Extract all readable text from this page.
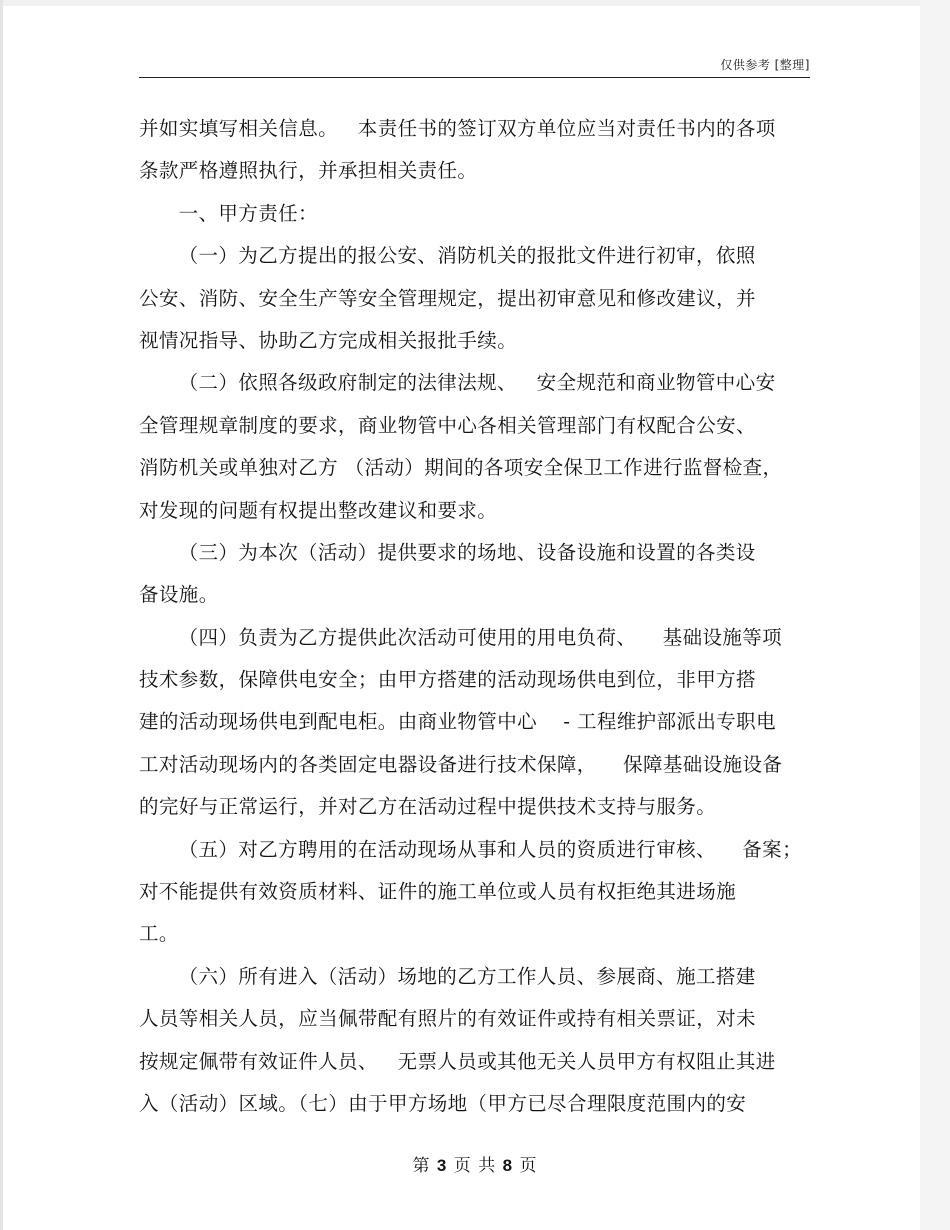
仅供参考 [整理]
并如实填写相关信息。   本责任书的签订双方单位应当对责任书内的各项
条款严格遵照执行，并承担相关责任。
一、甲方责任：
（一）为乙方提出的报公安、消防机关的报批文件进行初审，依照
公安、消防、安全生产等安全管理规定，提出初审意见和修改建议，并
视情况指导、协助乙方完成相关报批手续。
（二）依照各级政府制定的法律法规、   安全规范和商业物管中心安
全管理规章制度的要求，商业物管中心各相关管理部门有权配合公安、
消防机关或单独对乙方 （活动）期间的各项安全保卫工作进行监督检查，
对发现的问题有权提出整改建议和要求。
（三）为本次（活动）提供要求的场地、设备设施和设置的各类设
备设施。
（四）负责为乙方提供此次活动可使用的用电负荷、    基础设施等项
技术参数，保障供电安全；由甲方搭建的活动现场供电到位，非甲方搭
建的活动现场供电到配电柜。由商业物管中心    - 工程维护部派出专职电
工对活动现场内的各类固定电器设备进行技术保障，    保障基础设施设备
的完好与正常运行，并对乙方在活动过程中提供技术支持与服务。
（五）对乙方聘用的在活动现场从事和人员的资质进行审核、    备案；
对不能提供有效资质材料、证件的施工单位或人员有权拒绝其进场施
工。
（六）所有进入（活动）场地的乙方工作人员、参展商、施工搭建
人员等相关人员，应当佩带配有照片的有效证件或持有相关票证，对未
按规定佩带有效证件人员、   无票人员或其他无关人员甲方有权阻止其进
入（活动）区域。（七）由于甲方场地（甲方已尽合理限度范围内的安
第 3 页 共 8 页
